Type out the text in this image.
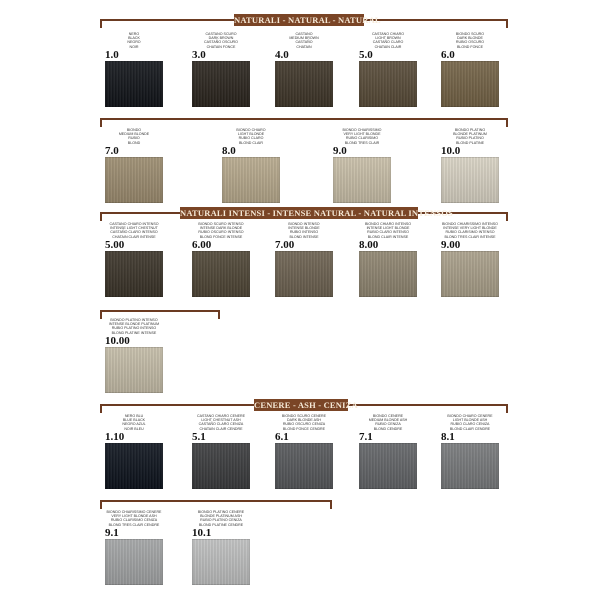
NATURALI - NATURAL - NATURAL
NATURALI INTENSI - INTENSE NATURAL - NATURAL INTENSOS
CENERE - ASH - CENIZA
NERO
BLACK
NEGRO
NOIR
1.0
CASTANO SCURO
DARK BROWN
CASTAÑO OSCURO
CHATAIN FONCE
3.0
CASTANO
MEDIUM BROWN
CASTAÑO
CHATAIN
4.0
CASTANO CHIARO
LIGHT BROWN
CASTAÑO CLARO
CHATAIN CLAIR
5.0
BIONDO SCURO
DARK BLONDE
RUBIO OSCURO
BLOND FONCE
6.0
BIONDO
MEDIUM BLONDE
RUBIO
BLOND
7.0
BIONDO CHIARO
LIGHT BLONDE
RUBIO CLARO
BLOND CLAIR
8.0
BIONDO CHIARISSIMO
VERY LIGHT BLONDE
RUBIO CLARISIMO
BLOND TRES CLAIR
9.0
BIONDO PLATINO
BLONDE PLATINUM
RUBIO PLATINO
BLOND PLATINE
10.0
CASTANO CHIARO INTENSO
INTENSE LIGHT CHESTNUT
CASTAÑO CLARO INTENSO
CHATAIN CLAIR INTENSE
5.00
BIONDO SCURO INTENSO
INTENSE DARK BLONDE
RUBIO OSCURO INTENSO
BLOND FONCE INTENSE
6.00
BIONDO INTENSO
INTENSE BLONDE
RUBIO INTENSO
BLOND INTENSE
7.00
BIONDO CHIARO INTENSO
INTENSE LIGHT BLONDE
RUBIO CLARO INTENSO
BLOND CLAIR INTENSE
8.00
BIONDO CHIARISSIMO INTENSO
INTENSE VERY LIGHT BLONDE
RUBIO CLARISIMO INTENSO
BLOND TRES CLAIR INTENSE
9.00
BIONDO PLATINO INTENSO
INTENSE BLONDE PLATINUM
RUBIO PLATINO INTENSO
BLOND PLATINE INTENSE
10.00
NERO BLU
BLUE BLACK
NEGRO AZUL
NOIR BLEU
1.10
CASTANO CHIARO CENERE
LIGHT CHESTNUT ASH
CASTAÑO CLARO CENIZA
CHATAIN CLAIR CENDRE
5.1
BIONDO SCURO CENERE
DARK BLONDE ASH
RUBIO OSCURO CENIZA
BLOND FONCE CENDRE
6.1
BIONDO CENERE
MEDIUM BLONDE ASH
RUBIO CENIZA
BLOND CENDRE
7.1
BIONDO CHIARO CENERE
LIGHT BLONDE ASH
RUBIO CLARO CENIZA
BLOND CLAIR CENDRE
8.1
BIONDO CHIARISSIMO CENERE
VERY LIGHT BLONDE ASH
RUBIO CLARISIMO CENIZA
BLOND TRES CLAIR CENDRE
9.1
BIONDO PLATINO CENERE
BLONDE PLATINUM ASH
RUBIO PLATINO CENIZA
BLOND PLATINE CENDRE
10.1
